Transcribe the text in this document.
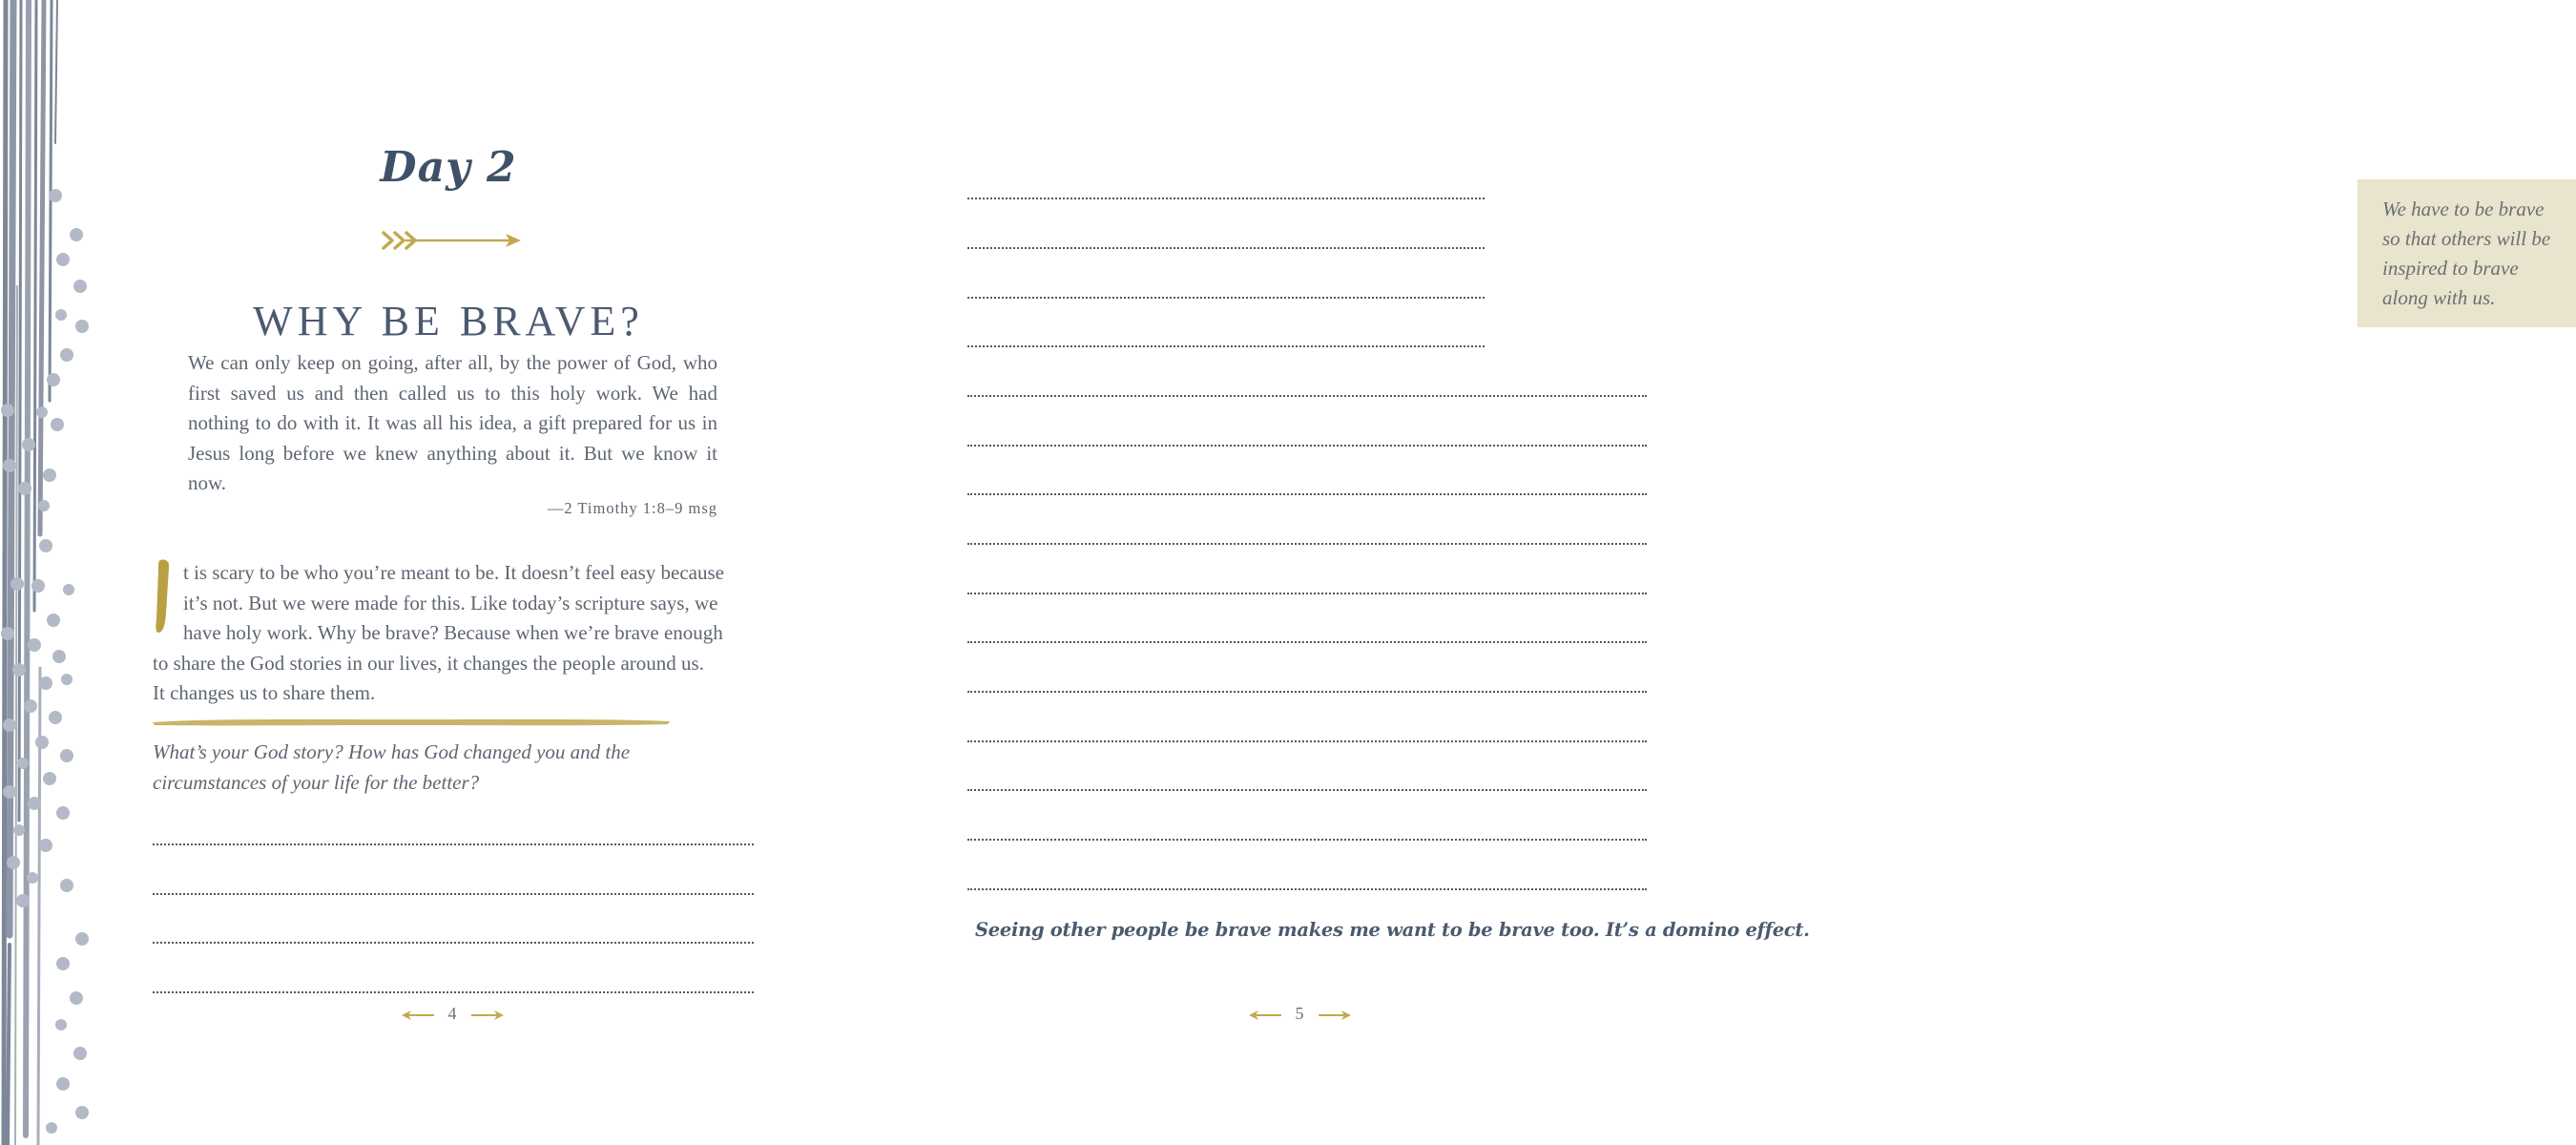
Day 2
WHY BE BRAVE?

We can only keep on going, after all, by the power of God, who first saved us and then called us to this holy work. We had nothing to do with it. It was all his idea, a gift prepared for us in Jesus long before we knew anything about it. But we know it now.

—2 Timothy 1:8–9 msg
t is scary to be who you’re meant to be. It doesn’t feel easy because
it’s not. But we were made for this. Like today’s scripture says, we
have holy work. Why be brave? Because when we’re brave enough
to share the God stories in our lives, it changes the people around us.
It changes us to share them.
What’s your God story? How has God changed you and the circumstances of your life for the better?
4
We have to be brave so that others will be inspired to brave along with us.
Seeing other people be brave makes me want to be brave too. It’s a domino effect.
5
